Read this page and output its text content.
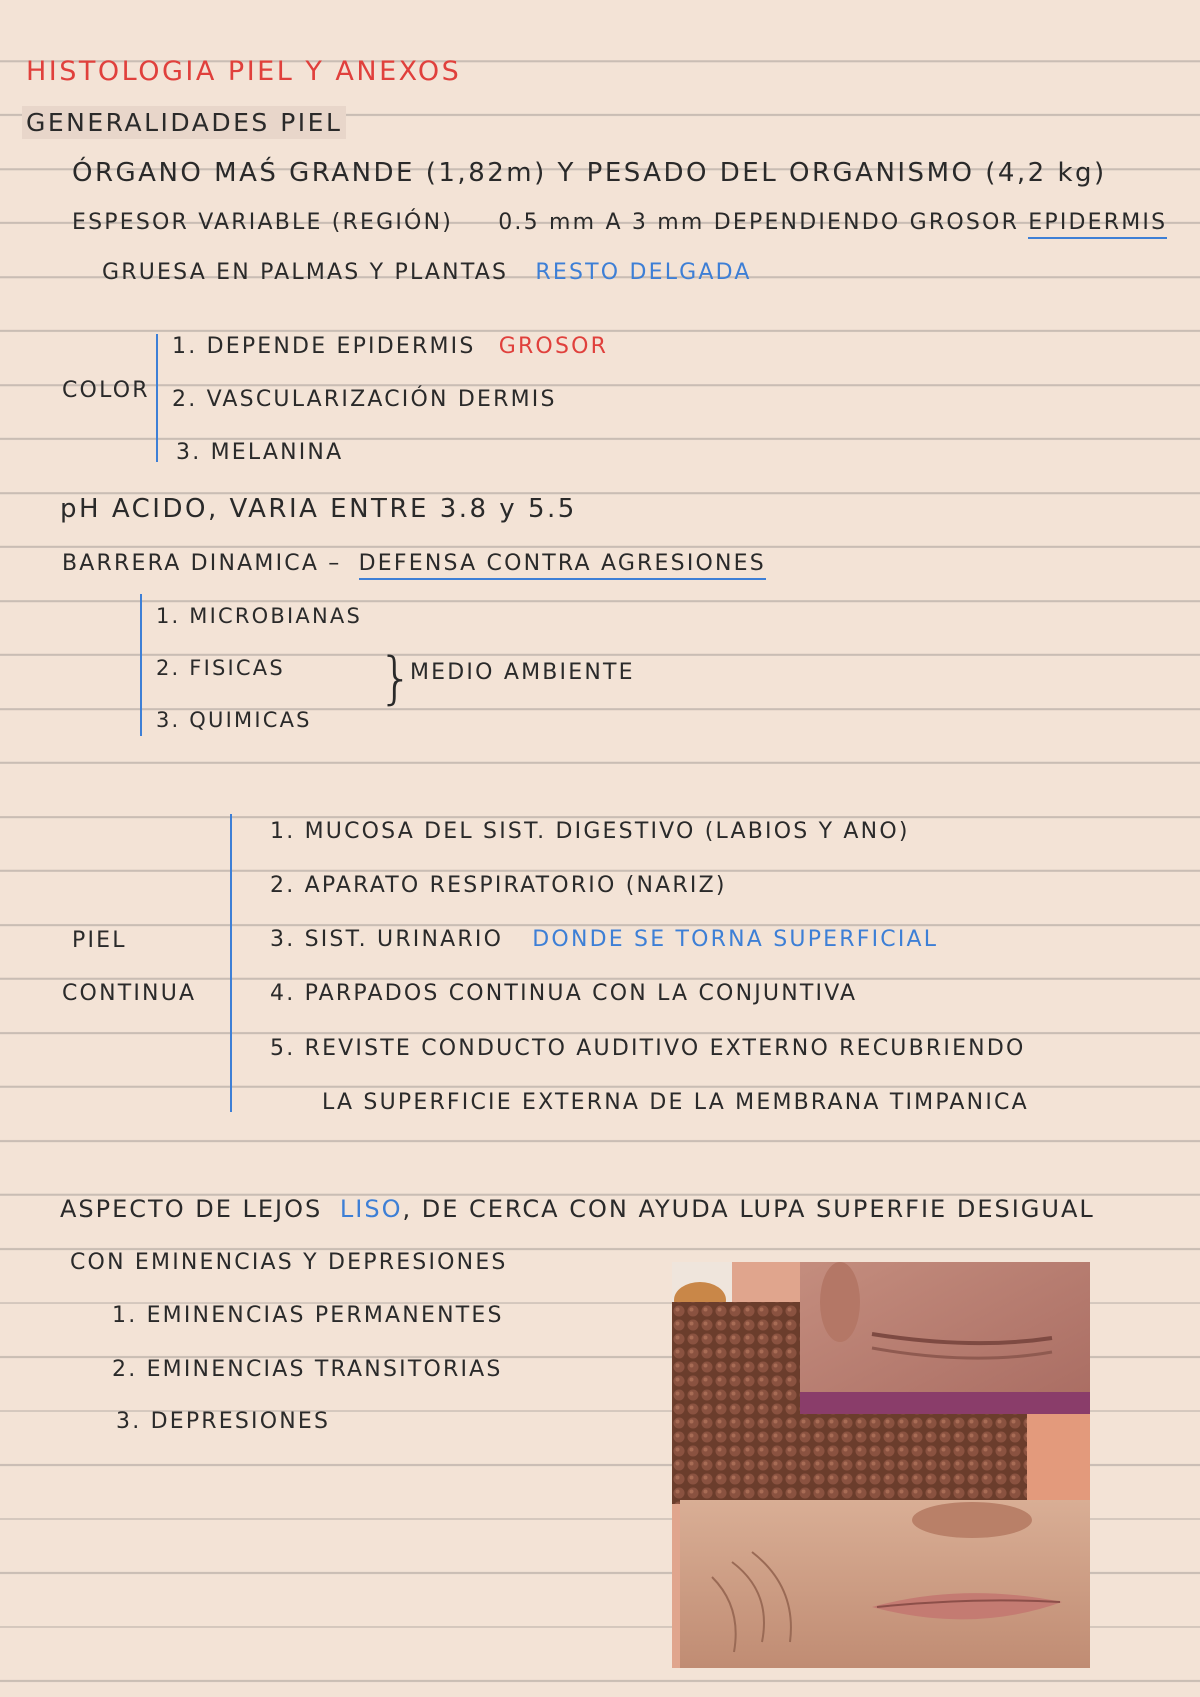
HISTOLOGIA PIEL Y ANEXOS
GENERALIDADES PIEL
ÓRGANO MAŚ GRANDE (1,82m) Y PESADO DEL ORGANISMO (4,2 kg)
ESPESOR VARIABLE (REGIÓN) 0.5 mm A 3 mm DEPENDIENDO GROSOR EPIDERMIS
GRUESA EN PALMAS Y PLANTAS RESTO DELGADA
COLOR
1. DEPENDE EPIDERMIS GROSOR
2. VASCULARIZACIÓN DERMIS
3. MELANINA
pH ACIDO, VARIA ENTRE 3.8 y 5.5
BARRERA DINAMICA – DEFENSA CONTRA AGRESIONES
1. MICROBIANAS
2. FISICAS
3. QUIMICAS
}
MEDIO AMBIENTE
PIEL
CONTINUA
1. MUCOSA DEL SIST. DIGESTIVO (LABIOS Y ANO)
2. APARATO RESPIRATORIO (NARIZ)
3. SIST. URINARIO DONDE SE TORNA SUPERFICIAL
4. PARPADOS CONTINUA CON LA CONJUNTIVA
5. REVISTE CONDUCTO AUDITIVO EXTERNO RECUBRIENDO
LA SUPERFICIE EXTERNA DE LA MEMBRANA TIMPANICA
ASPECTO DE LEJOS LISO, DE CERCA CON AYUDA LUPA SUPERFIE DESIGUAL
CON EMINENCIAS Y DEPRESIONES
1. EMINENCIAS PERMANENTES
2. EMINENCIAS TRANSITORIAS
3. DEPRESIONES
